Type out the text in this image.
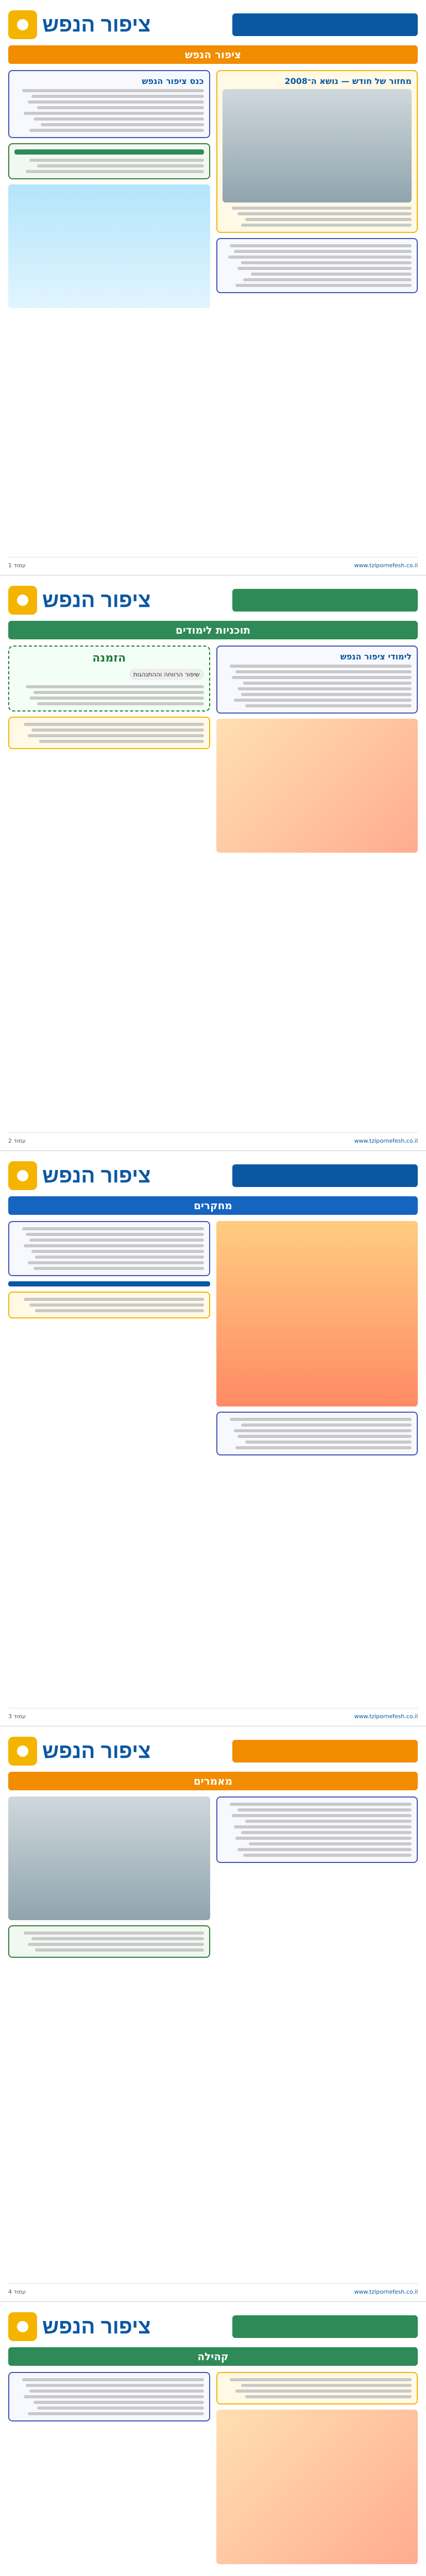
ציפור הנפש
ציפור הנפש
מחזור של חודש — נושא ה־2008
כנס ציפור הנפש
www.tzipornefesh.co.il
עמוד 1
ציפור הנפש
תוכניות לימודים
לימודי ציפור הנפש
הזמנה
שיפור הרווחה וההתנהגות
www.tzipornefesh.co.il
עמוד 2
ציפור הנפש
מחקרים
www.tzipornefesh.co.il
עמוד 3
ציפור הנפש
מאמרים
www.tzipornefesh.co.il
עמוד 4
ציפור הנפש
קהילה
